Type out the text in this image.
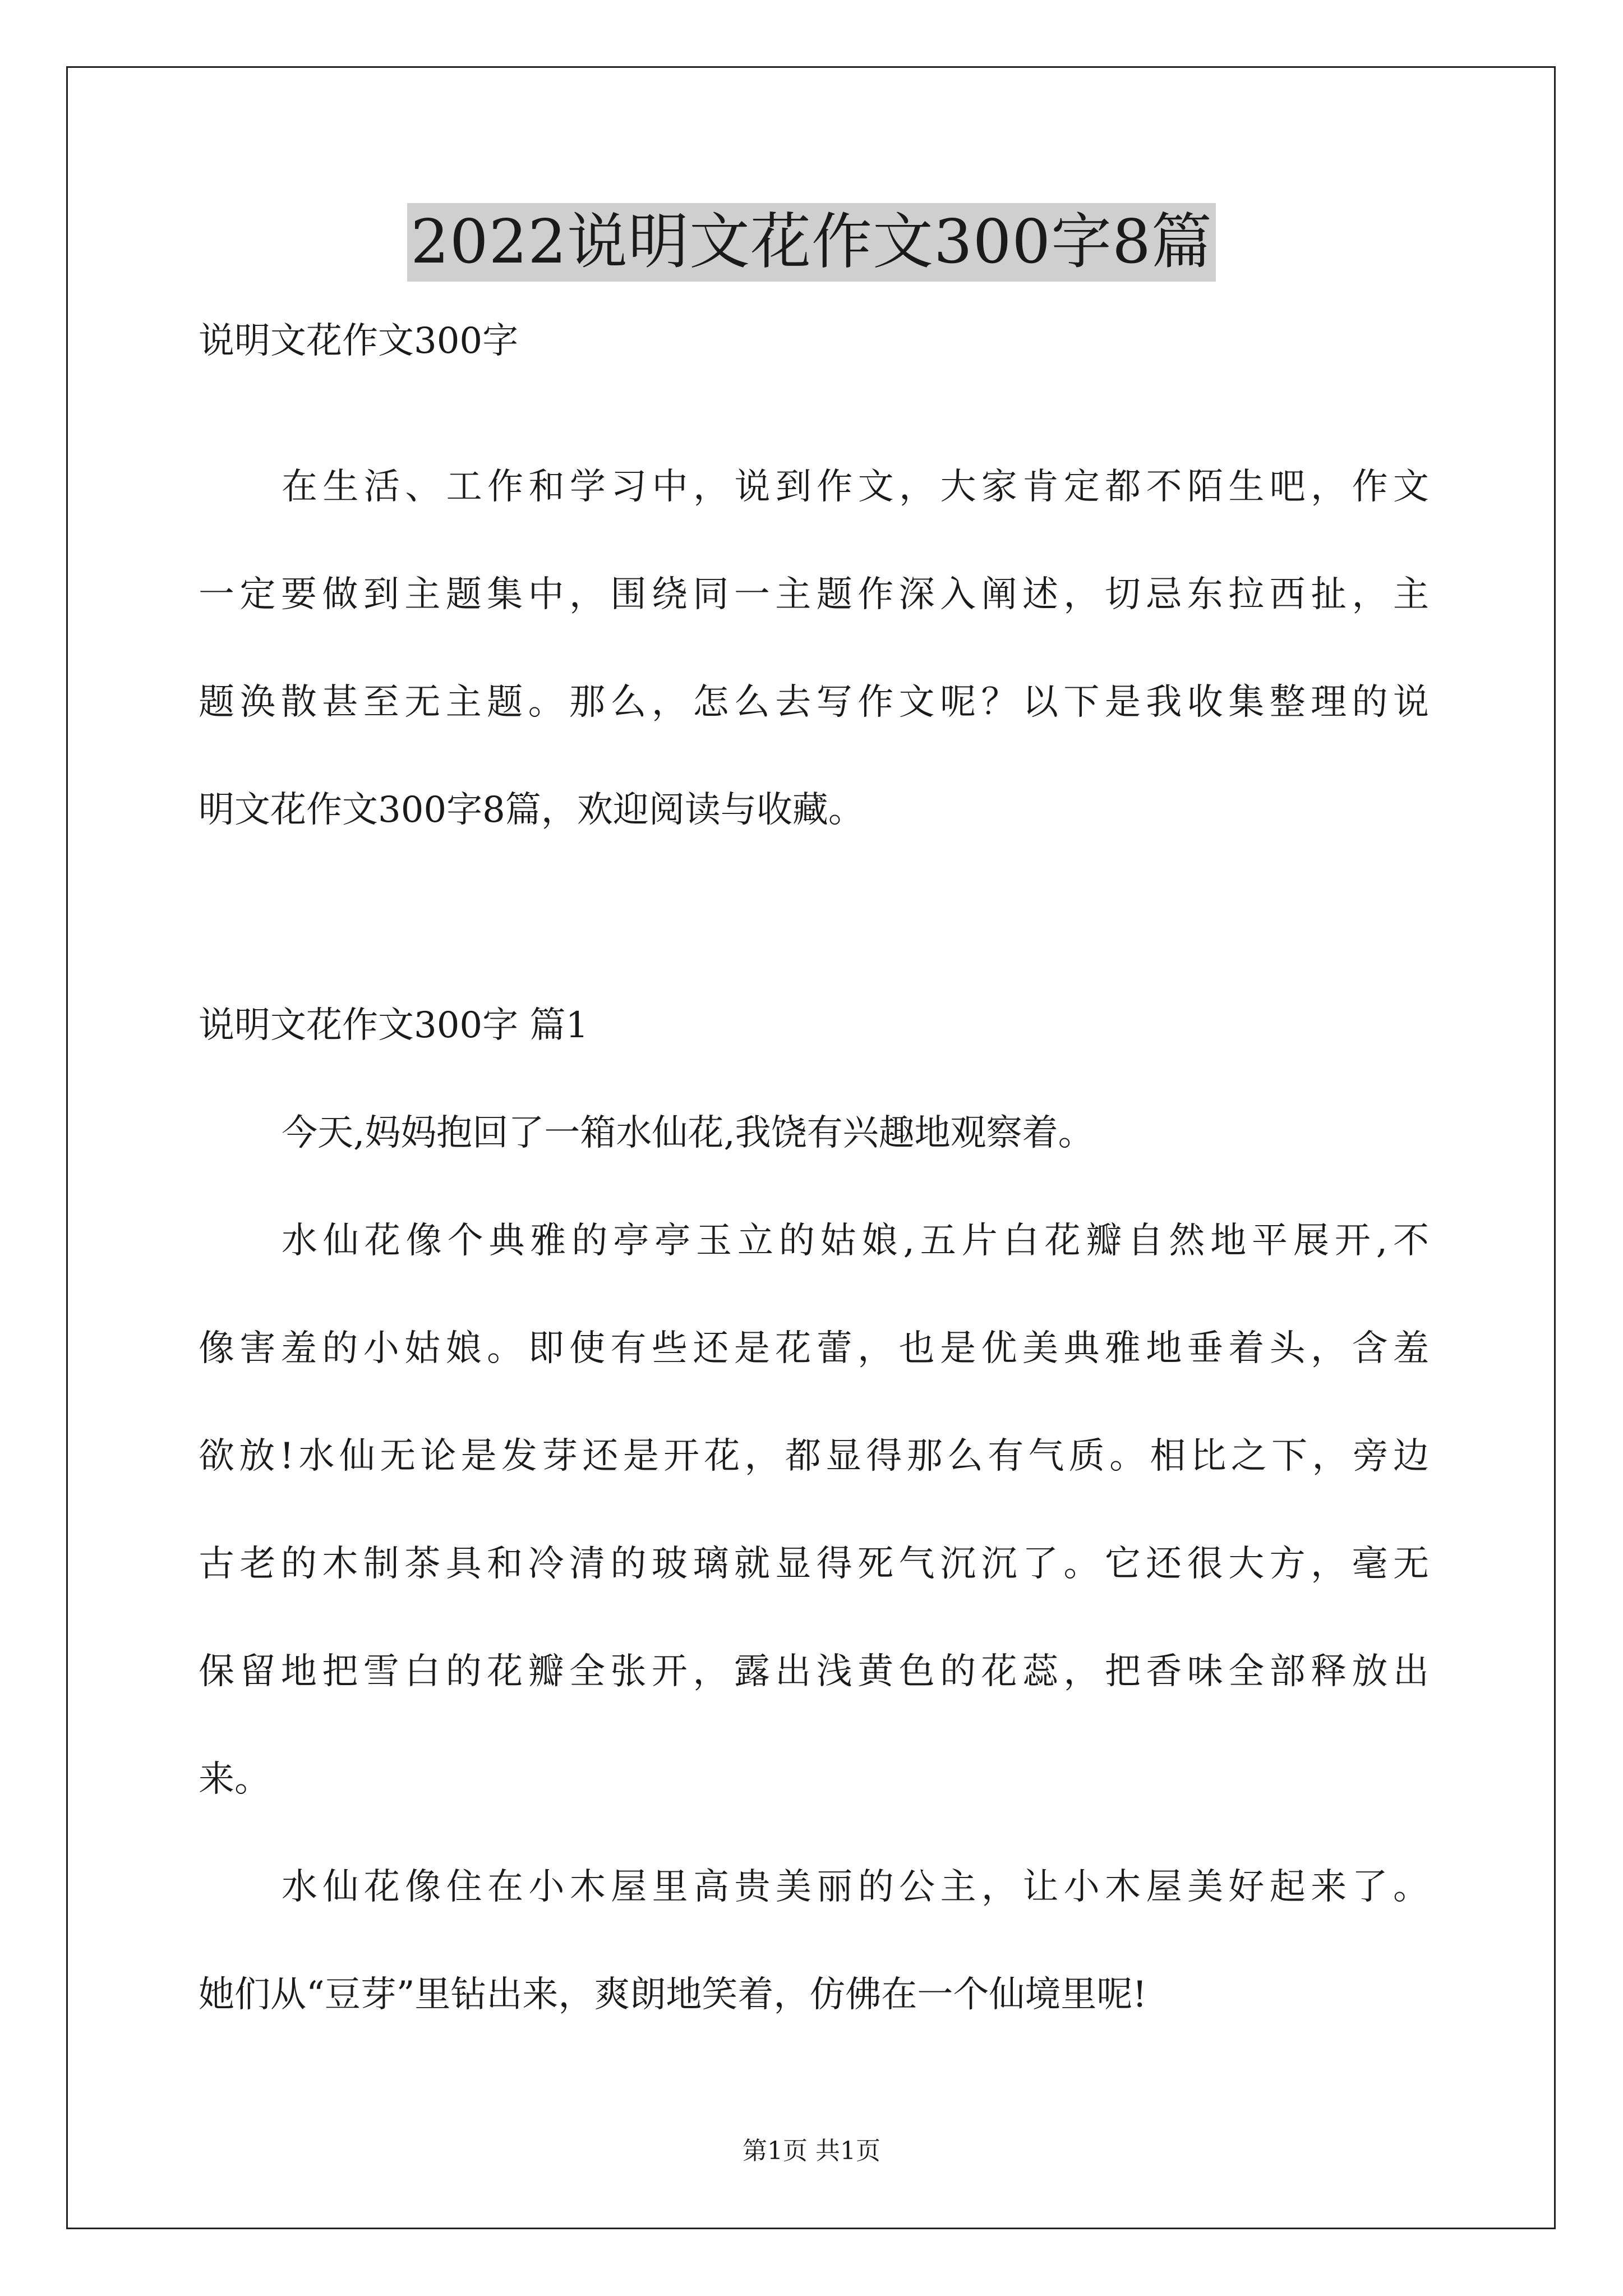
2022说明文花作文300字8篇
说明文花作文300字
在生活、工作和学习中，说到作文，大家肯定都不陌生吧，作文
一定要做到主题集中，围绕同一主题作深入阐述，切忌东拉西扯，主
题涣散甚至无主题。那么，怎么去写作文呢？以下是我收集整理的说
明文花作文300字8篇，欢迎阅读与收藏。
说明文花作文300字 篇1
今天,妈妈抱回了一箱水仙花,我饶有兴趣地观察着。
水仙花像个典雅的亭亭玉立的姑娘,五片白花瓣自然地平展开,不
像害羞的小姑娘。即使有些还是花蕾，也是优美典雅地垂着头，含羞
欲放!水仙无论是发芽还是开花，都显得那么有气质。相比之下，旁边
古老的木制茶具和冷清的玻璃就显得死气沉沉了。它还很大方，毫无
保留地把雪白的花瓣全张开，露出浅黄色的花蕊，把香味全部释放出
来。
水仙花像住在小木屋里高贵美丽的公主，让小木屋美好起来了。
她们从“豆芽”里钻出来，爽朗地笑着，仿佛在一个仙境里呢!
第1页 共1页
